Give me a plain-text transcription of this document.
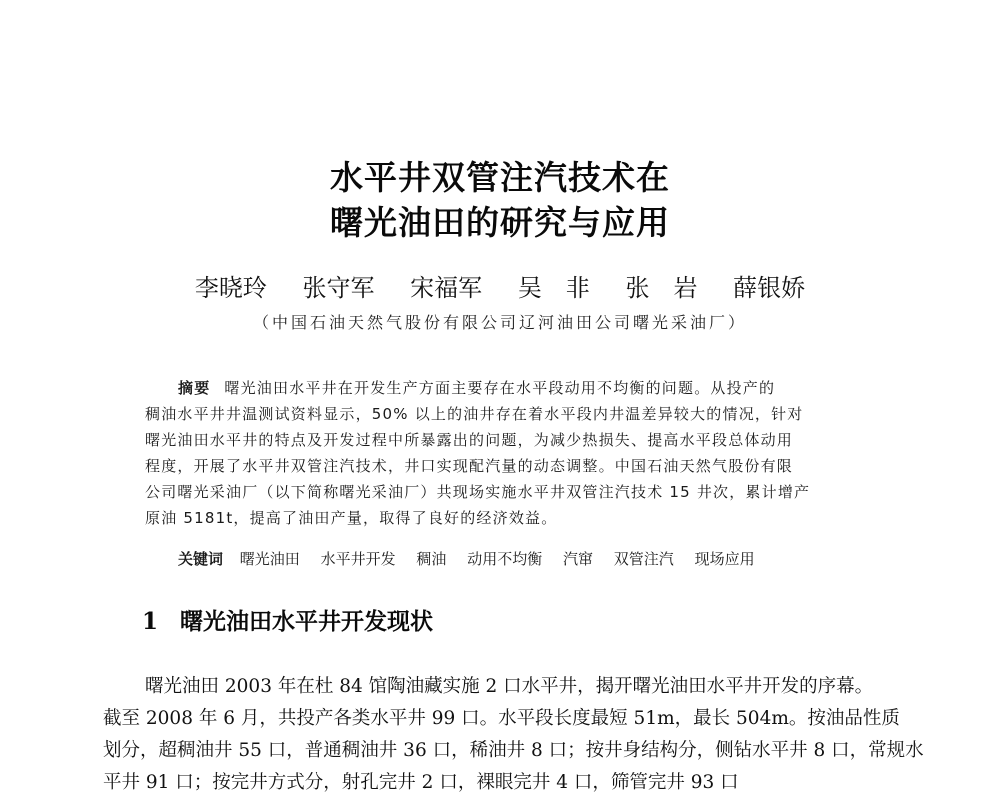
水平井双管注汽技术在
曙光油田的研究与应用
李晓玲 张守军 宋福军 吴　非 张　岩 薛银娇
（中国石油天然气股份有限公司辽河油田公司曙光采油厂）
摘要 曙光油田水平井在开发生产方面主要存在水平段动用不均衡的问题。从投产的
稠油水平井井温测试资料显示，50% 以上的油井存在着水平段内井温差异较大的情况，针对
曙光油田水平井的特点及开发过程中所暴露出的问题，为减少热损失、提高水平段总体动用
程度，开展了水平井双管注汽技术，井口实现配汽量的动态调整。中国石油天然气股份有限
公司曙光采油厂（以下简称曙光采油厂）共现场实施水平井双管注汽技术 15 井次，累计增产
原油 5181t，提高了油田产量，取得了良好的经济效益。
关键词 曙光油田 水平井开发 稠油 动用不均衡 汽窜 双管注汽 现场应用
1 曙光油田水平井开发现状
曙光油田 2003 年在杜 84 馆陶油藏实施 2 口水平井，揭开曙光油田水平井开发的序幕。
截至 2008 年 6 月，共投产各类水平井 99 口。水平段长度最短 51m，最长 504m。按油品性质
划分，超稠油井 55 口，普通稠油井 36 口，稀油井 8 口；按井身结构分，侧钻水平井 8 口，常规水
平井 91 口；按完井方式分，射孔完井 2 口，裸眼完井 4 口，筛管完井 93 口
